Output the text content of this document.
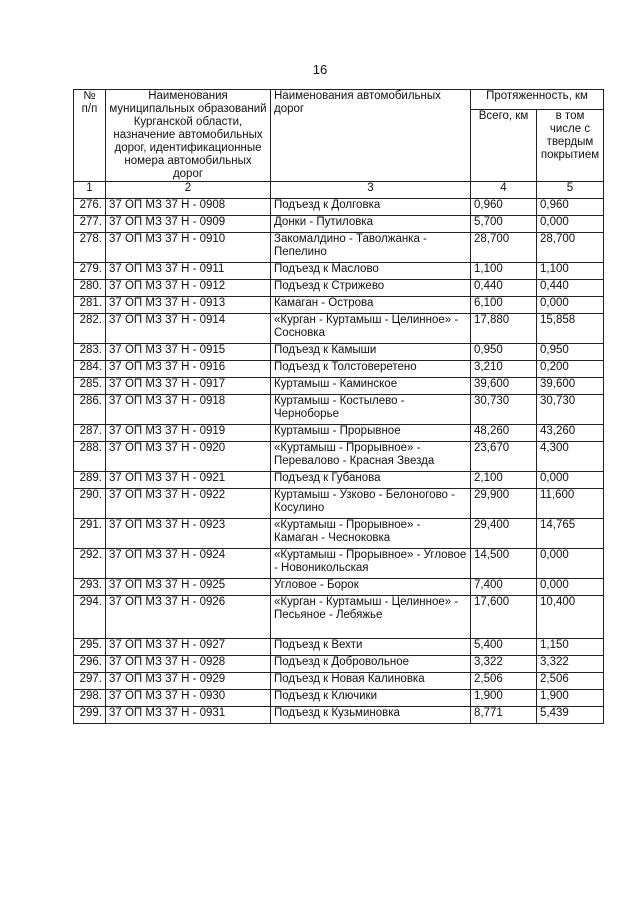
16
№
п/п	Наименования муниципальных образований Курганской области, назначение автомобильных дорог, идентификационные номера автомобильных дорог	Наименования автомобильных дорог	Протяженность, км	
			Всего, км	в том числе с твердым покрытием
1	2	3	4	5
276.	37 ОП МЗ 37 Н - 0908	Подъезд к Долговка	0,960	0,960
277.	37 ОП МЗ 37 Н - 0909	Донки - Путиловка	5,700	0,000
278.	37 ОП МЗ 37 Н - 0910	Закомалдино - Таволжанка - Пепелино	28,700	28,700
279.	37 ОП МЗ 37 Н - 0911	Подъезд к Маслово	1,100	1,100
280.	37 ОП МЗ 37 Н - 0912	Подъезд к Стрижево	0,440	0,440
281.	37 ОП МЗ 37 Н - 0913	Камаган - Острова	6,100	0,000
282.	37 ОП МЗ 37 Н - 0914	«Курган - Куртамыш - Целинное» - Сосновка	17,880	15,858
283.	37 ОП МЗ 37 Н - 0915	Подъезд к Камыши	0,950	0,950
284.	37 ОП МЗ 37 Н - 0916	Подъезд к Толстоверетено	3,210	0,200
285.	37 ОП МЗ 37 Н - 0917	Куртамыш - Каминское	39,600	39,600
286.	37 ОП МЗ 37 Н - 0918	Куртамыш - Костылево - Черноборье	30,730	30,730
287.	37 ОП МЗ 37 Н - 0919	Куртамыш - Прорывное	48,260	43,260
288.	37 ОП МЗ 37 Н - 0920	«Куртамыш - Прорывное» - Перевалово - Красная Звезда	23,670	4,300
289.	37 ОП МЗ 37 Н - 0921	Подъезд к Губанова	2,100	0,000
290.	37 ОП МЗ 37 Н - 0922	Куртамыш - Узково - Белоногово - Косулино	29,900	11,600
291.	37 ОП МЗ 37 Н - 0923	«Куртамыш - Прорывное» - Камаган - Чесноковка	29,400	14,765
292.	37 ОП МЗ 37 Н - 0924	«Куртамыш - Прорывное» - Угловое - Новоникольская	14,500	0,000
293.	37 ОП МЗ 37 Н - 0925	Угловое - Борок	7,400	0,000
294.	37 ОП МЗ 37 Н - 0926	«Курган - Куртамыш - Целинное» - Песьяное - Лебяжье	17,600	10,400
295.	37 ОП МЗ 37 Н - 0927	Подъезд к Вехти	5,400	1,150
296.	37 ОП МЗ 37 Н - 0928	Подъезд к Добровольное	3,322	3,322
297.	37 ОП МЗ 37 Н - 0929	Подъезд к Новая Калиновка	2,506	2,506
298.	37 ОП МЗ 37 Н - 0930	Подъезд к Ключики	1,900	1,900
299.	37 ОП МЗ 37 Н - 0931	Подъезд к Кузьминовка	8,771	5,439
